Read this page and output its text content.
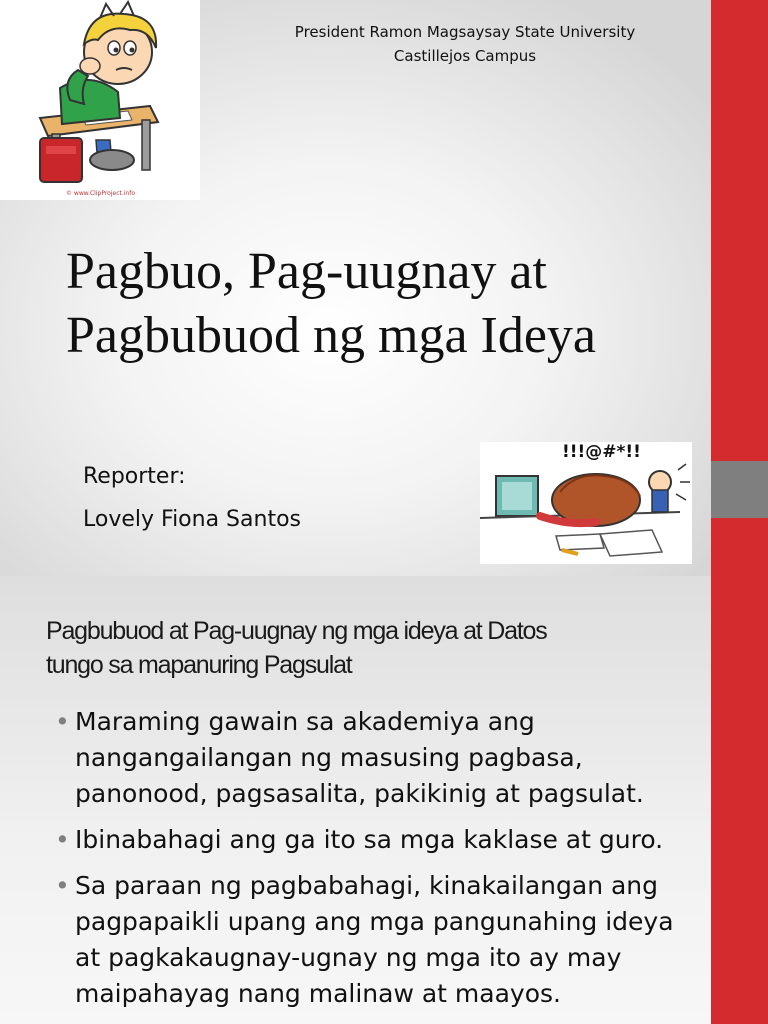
© www.ClipProject.info
President Ramon Magsaysay State University
Castillejos Campus
Pagbuo, Pag-uugnay at
Pagbubuod ng mga Ideya
Reporter:
Lovely Fiona Santos
!!!@#*!!
Pagbubuod at Pag-uugnay ng mga ideya at Datos
tungo sa mapanuring Pagsulat
• Maraming gawain sa akademiya ang nangangailangan ng masusing pagbasa, panonood, pagsasalita, pakikinig at pagsulat.
• Ibinabahagi ang ga ito sa mga kaklase at guro.
• Sa paraan ng pagbabahagi, kinakailangan ang pagpapaikli upang ang mga pangunahing ideya at pagkakaugnay-ugnay ng mga ito ay may maipahayag nang malinaw at maayos.
